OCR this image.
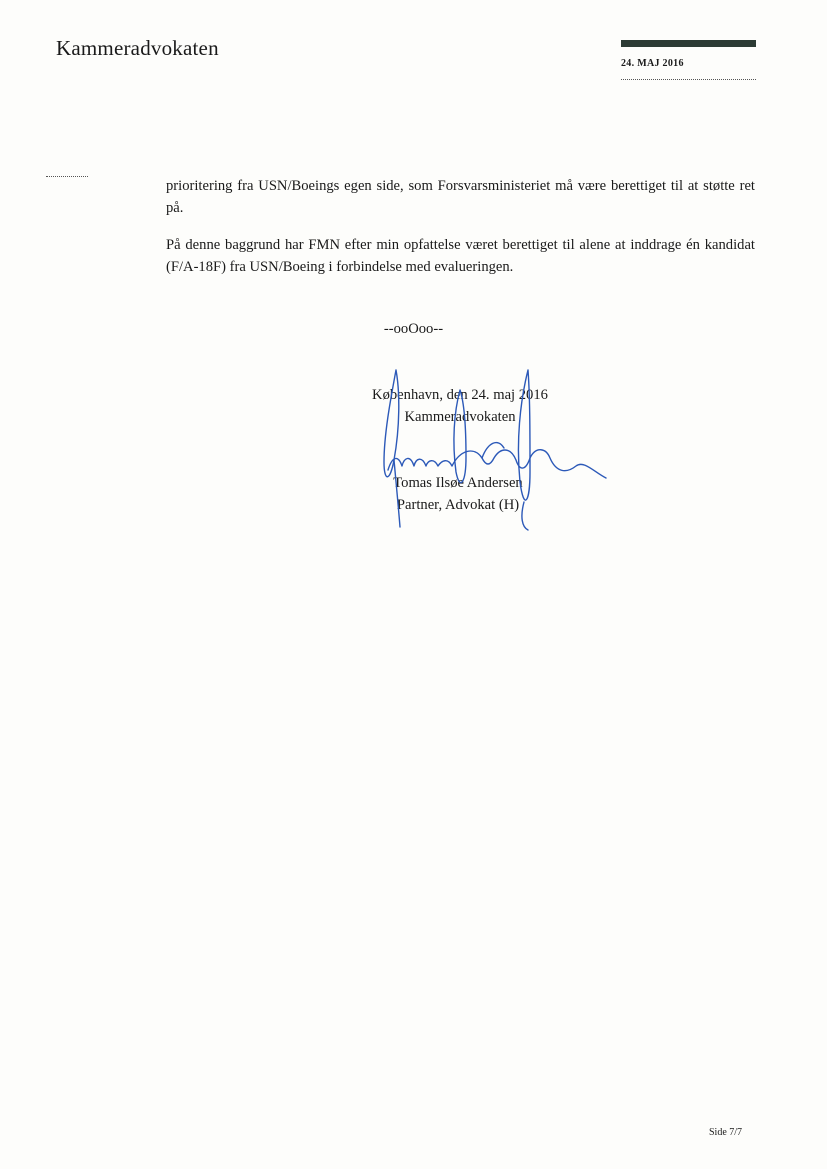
Kammeradvokaten
24. MAJ 2016

prioritering fra USN/Boeings egen side, som Forsvarsministeriet må være berettiget til at støtte ret på.

På denne baggrund har FMN efter min opfattelse været berettiget til alene at inddrage én kandidat (F/A-18F) fra USN/Boeing i forbindelse med evalueringen.

--ooOoo--
København, den 24. maj 2016
Kammeradvokaten
Tomas Ilsøe Andersen
Partner, Advokat (H)
Side 7/7
